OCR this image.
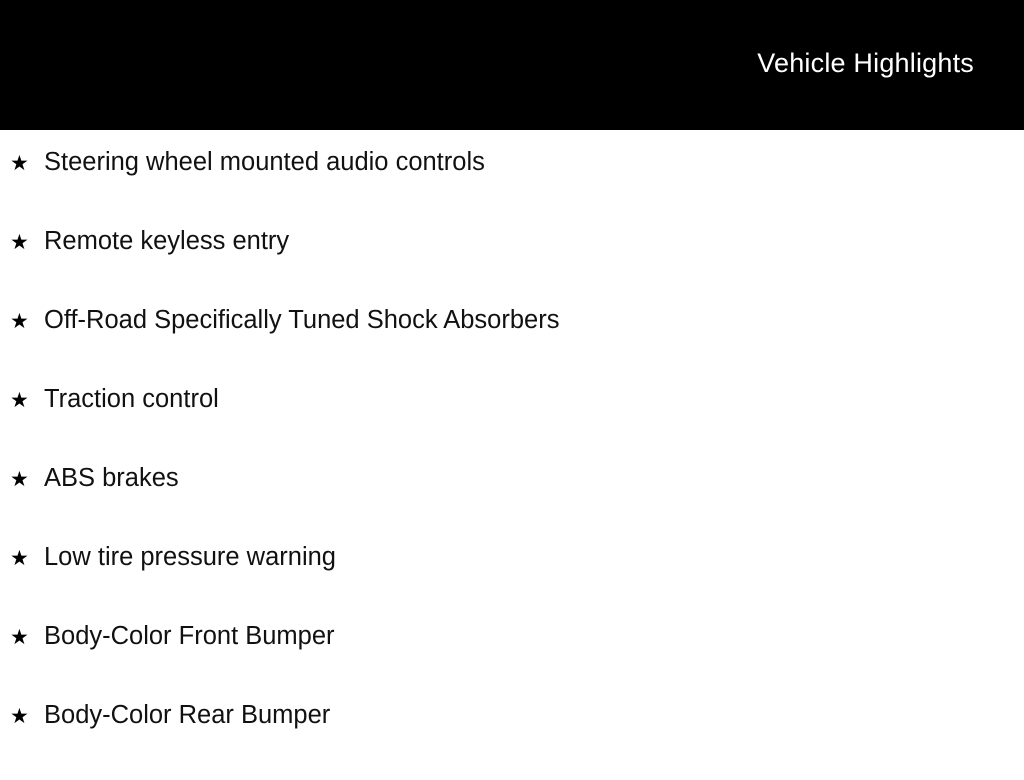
Vehicle Highlights
★ Steering wheel mounted audio controls
★ Remote keyless entry
★ Off-Road Specifically Tuned Shock Absorbers
★ Traction control
★ ABS brakes
★ Low tire pressure warning
★ Body-Color Front Bumper
★ Body-Color Rear Bumper
